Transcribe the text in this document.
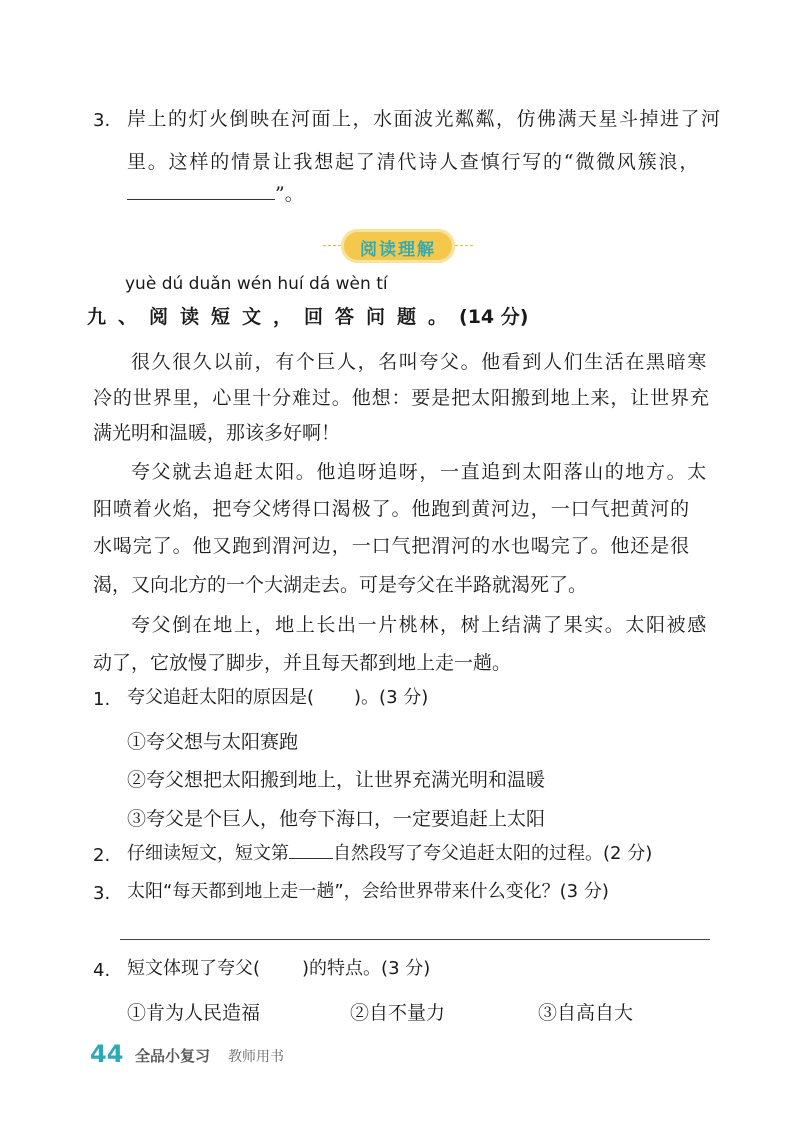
3. 岸上的灯火倒映在河面上，水面波光粼粼，仿佛满天星斗掉进了河
里。这样的情景让我想起了清代诗人查慎行写的“微微风簇浪，
”。
阅读理解
yuè dú duǎn wén huí dá wèn tí
九、阅读短文，回答问题。(14 分)
很久很久以前，有个巨人，名叫夸父。他看到人们生活在黑暗寒
冷的世界里，心里十分难过。他想：要是把太阳搬到地上来，让世界充
满光明和温暖，那该多好啊！
夸父就去追赶太阳。他追呀追呀，一直追到太阳落山的地方。太
阳喷着火焰，把夸父烤得口渴极了。他跑到黄河边，一口气把黄河的
水喝完了。他又跑到渭河边，一口气把渭河的水也喝完了。他还是很
渴，又向北方的一个大湖走去。可是夸父在半路就渴死了。
夸父倒在地上，地上长出一片桃林，树上结满了果实。太阳被感
动了，它放慢了脚步，并且每天都到地上走一趟。
1. 夸父追赶太阳的原因是( )。(3 分)
①夸父想与太阳赛跑
②夸父想把太阳搬到地上，让世界充满光明和温暖
③夸父是个巨人，他夸下海口，一定要追赶上太阳
2. 仔细读短文，短文第 自然段写了夸父追赶太阳的过程。(2 分)
3. 太阳“每天都到地上走一趟”，会给世界带来什么变化？(3 分)
4. 短文体现了夸父( )的特点。(3 分)
①肯为人民造福	②自不量力	③自高自大
44 全品小复习 教师用书
